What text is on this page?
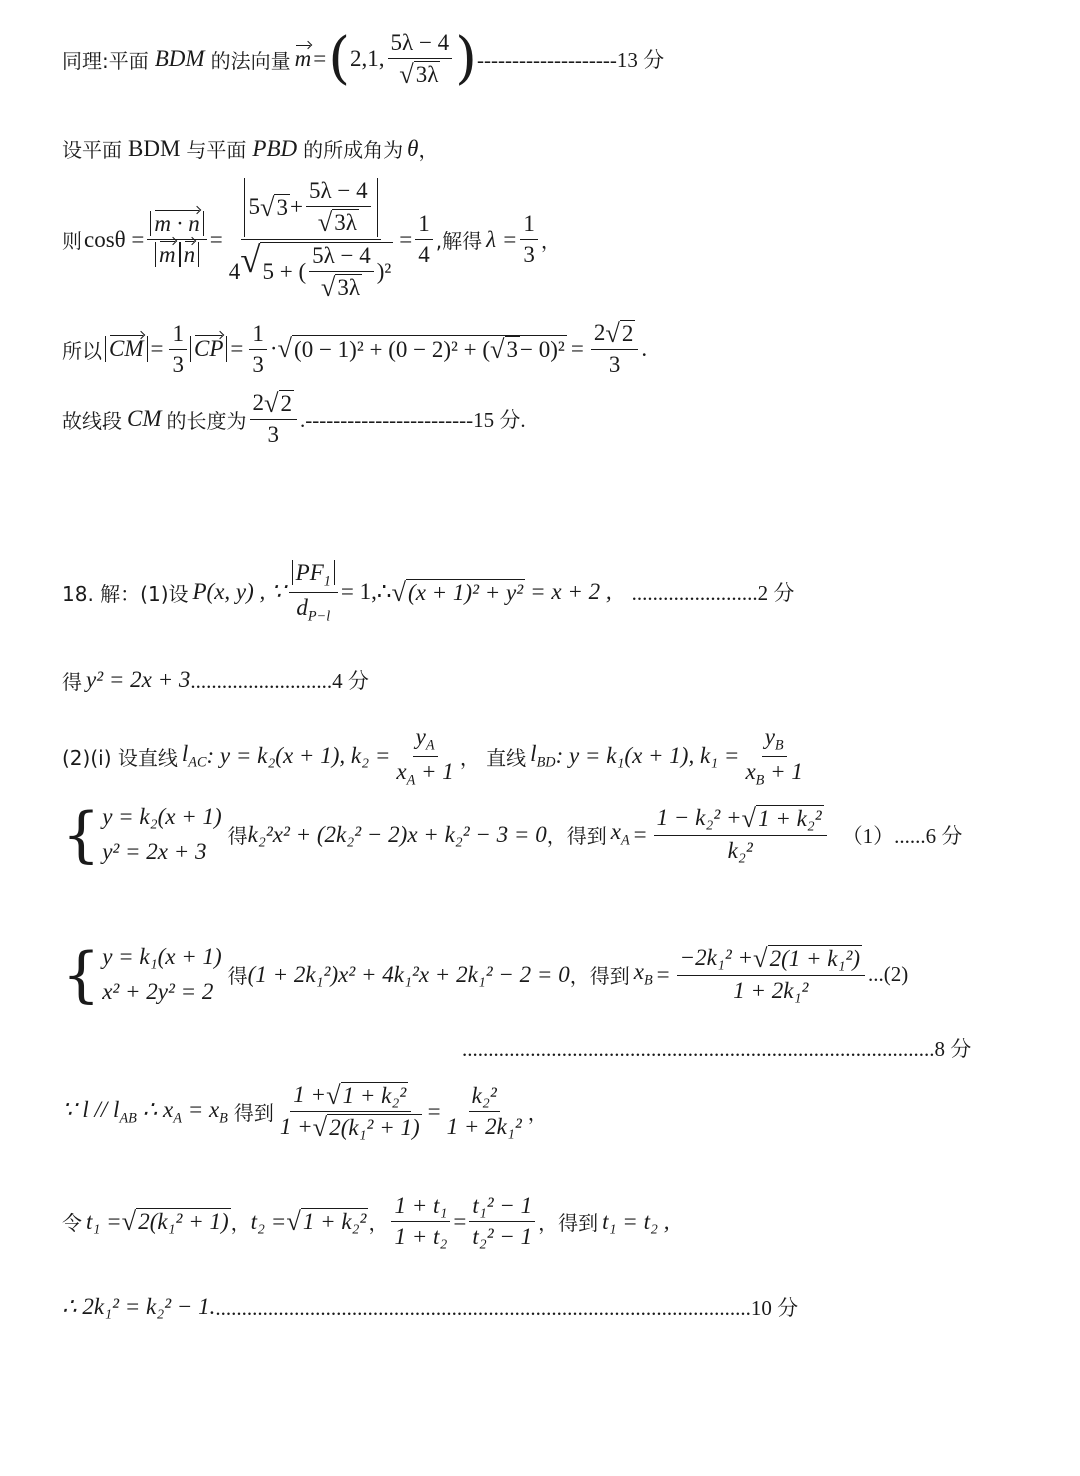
同理:平面 BDM 的法向量 m = ( 2,1, $\frac{5\lambda - 4}{√ 3\lambda}$ ) --------------------13 分
设平面 BDM 与平面 PBD 的所成角为 θ ，
则 $\cos\theta = \frac{m \cdot n}{\text{m n}}$ =
5 √ $3 + \frac{5\lambda - 4}{√ 3\lambda}$
4 √ 5 + ( $\frac{5\lambda - 4}{√ 3\lambda} )^2$
= $\frac{1}{4}$ ,解得 $\lambda = \frac{1}{3}$ ，
所以 CM = $\frac{1}{3}$ CP = $\frac{1}{3}$ · √ (0 − 1)² + (0 − 2)² + ( √ $3 - 0)^2 = \frac{2 √ 2}{3}$ .
故线段 CM 的长度为 $\frac{2 √ 2}{3} .------------------------15$ 分.
18. 解：(1)设 P(x, y) , ∵ $\frac{PF_1}{d_{P-l}}$ = 1,∴ √ (x + 1)² + y² = x + 2 , ........................2 分
得 y² = 2x + 3 ...........................4 分
(2)(i) 设直线 $l_{AC}$ : y = k₂(x + 1), $k_2 = \frac{y_A}{x_A + 1}$ ， 直线 $l_{BD}$ : y = k₁(x + 1), $k_1 = \frac{y_B}{x_B + 1}$
{ y = k₂(x + 1)
y² = 2x + 3
得 k₂²x² + (2k₂² − 2)x + k₂² − 3 = 0 ，得到 $x_A = \frac{\text{1 − k₂² + √ 1 + k₂²}}{\text{k₂²}} (1)......6$ 分
{ y = k₁(x + 1)
x² + 2y² = 2
得 (1 + 2k₁²)x² + 4k₁²x + 2k₁² − 2 = 0 ，得到 $x_B = \frac{\text{−2k₁² + √ 2(1 + k₁²)}}{\text{1 + 2k₁²}} ...(2)$
..........................................................................................8 分
∵ l // $l_{AB}$ ∴ $x_A = x_B$ 得到 $\frac{\text{1 + √ 1 + k₂²}}{\text{1 + √ 2(k₁² + 1)}} = \frac{\text{k₂²}}{\text{1 + 2k₁²}}$ ，
令 t₁ = √ 2(k₁² + 1) ， t₂ = √ 1 + k₂² ， $\frac{\text{1 + t₁}}{\text{1 + t₂}} = \frac{\text{t₁² − 1}}{\text{t₂² − 1}}$ ，得到 t₁ = t₂ ,
∴ 2k₁² = k₂² − 1. ......................................................................................................10 分
